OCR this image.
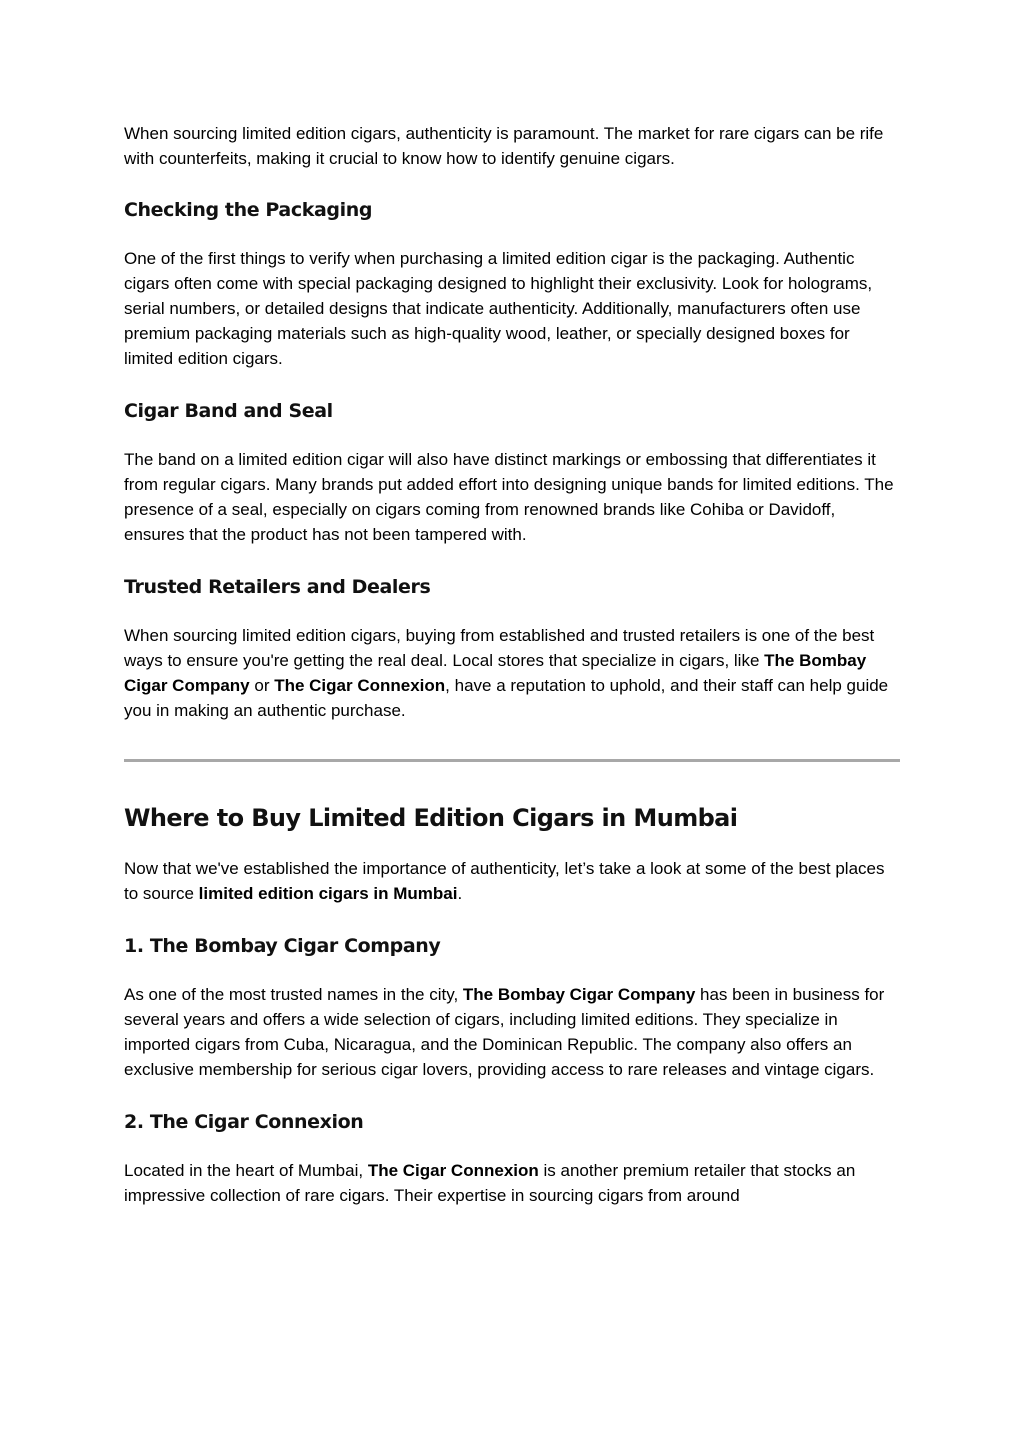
When sourcing limited edition cigars, authenticity is paramount. The market for rare cigars can be rife with counterfeits, making it crucial to know how to identify genuine cigars.

Checking the Packaging

One of the first things to verify when purchasing a limited edition cigar is the packaging. Authentic cigars often come with special packaging designed to highlight their exclusivity. Look for holograms, serial numbers, or detailed designs that indicate authenticity. Additionally, manufacturers often use premium packaging materials such as high-quality wood, leather, or specially designed boxes for limited edition cigars.

Cigar Band and Seal

The band on a limited edition cigar will also have distinct markings or embossing that differentiates it from regular cigars. Many brands put added effort into designing unique bands for limited editions. The presence of a seal, especially on cigars coming from renowned brands like Cohiba or Davidoff, ensures that the product has not been tampered with.

Trusted Retailers and Dealers

When sourcing limited edition cigars, buying from established and trusted retailers is one of the best ways to ensure you're getting the real deal. Local stores that specialize in cigars, like The Bombay Cigar Company or The Cigar Connexion, have a reputation to uphold, and their staff can help guide you in making an authentic purchase.

Where to Buy Limited Edition Cigars in Mumbai

Now that we've established the importance of authenticity, let’s take a look at some of the best places to source limited edition cigars in Mumbai.

1. The Bombay Cigar Company

As one of the most trusted names in the city, The Bombay Cigar Company has been in business for several years and offers a wide selection of cigars, including limited editions. They specialize in imported cigars from Cuba, Nicaragua, and the Dominican Republic. The company also offers an exclusive membership for serious cigar lovers, providing access to rare releases and vintage cigars.

2. The Cigar Connexion

Located in the heart of Mumbai, The Cigar Connexion is another premium retailer that stocks an impressive collection of rare cigars. Their expertise in sourcing cigars from around
